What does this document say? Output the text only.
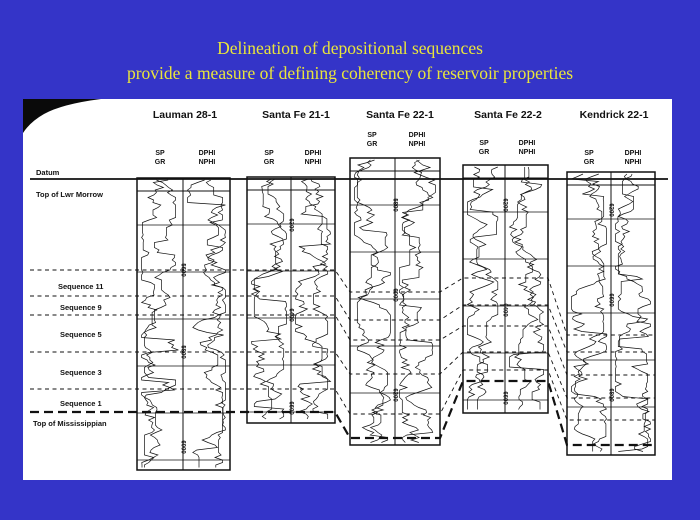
Delineation of depositional sequences
provide a measure of defining coherency of reservoir properties
Lauman 28-1	Santa Fe 21-1	Santa Fe 22-1	Santa Fe 22-2	Kendrick 22-1
SP
GR
DPHI
NPHI
SP
GR
DPHI
NPHI
SP
GR
DPHI
NPHI	SP
GR
DPHI
NPHI	SP
GR
DPHI
NPHI
5600
5800
6000
6300
6400
6600
5800
6000
6200
6200
6400
6600
6200
6600
6800
Datum
Top of Lwr Morrow
Sequence 11
Sequence 9
Sequence 5
Sequence 3
Sequence 1
Top of Mississippian
